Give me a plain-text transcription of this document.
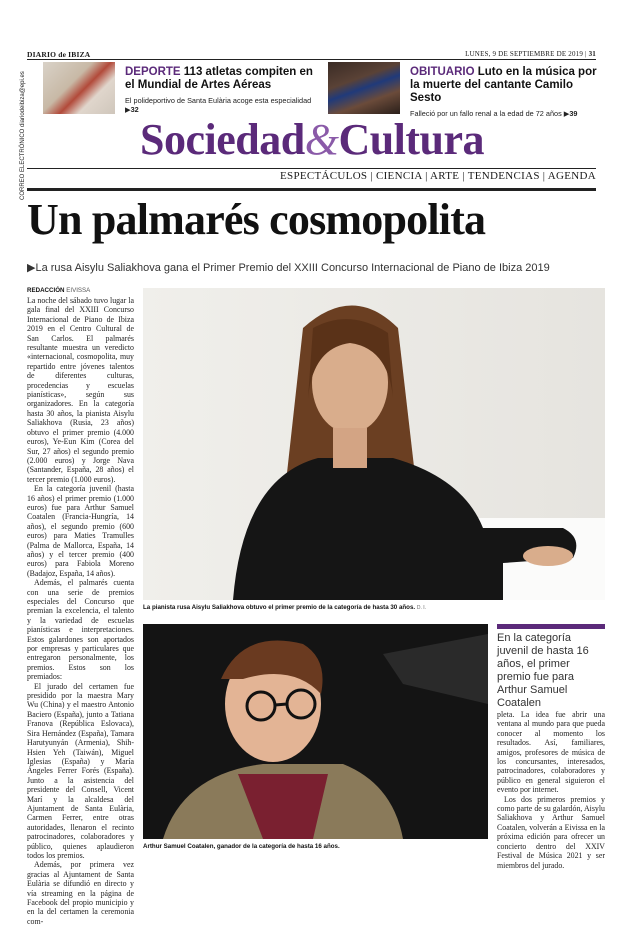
DIARIO de IBIZA	LUNES, 9 DE SEPTIEMBRE DE 2019 | 31
DEPORTE 113 atletas compiten en el Mundial de Artes Aéreas
El polideportivo de Santa Eulària acoge esta especialidad ▶32
OBITUARIO Luto en la música por la muerte del cantante Camilo Sesto
Falleció por un fallo renal a la edad de 72 años ▶39
CORREO ELECTRÓNICO diariodeibiza@epi.es	Sociedad&Cultura
ESPECTÁCULOS | CIENCIA | ARTE | TENDENCIAS | AGENDA
Un palmarés cosmopolita
▶La rusa Aisylu Saliakhova gana el Primer Premio del XXIII Concurso Internacional de Piano de Ibiza 2019
REDACCIÓN EIVISSA

La noche del sábado tuvo lugar la gala final del XXIII Concurso Internacional de Piano de Ibiza 2019 en el Centro Cultural de San Carlos. El palmarés resultante muestra un veredicto «internacional, cosmopolita, muy repartido entre jóvenes talentos de diferentes culturas, procedencias y escuelas pianísticas», según sus organizadores. En la categoría hasta 30 años, la pianista Aisylu Saliakhova (Rusia, 23 años) obtuvo el primer premio (4.000 euros), Ye-Eun Kim (Corea del Sur, 27 años) el segundo premio (2.000 euros) y Jorge Nava (Santander, España, 28 años) el tercer premio (1.000 euros).

En la categoría juvenil (hasta 16 años) el primer premio (1.000 euros) fue para Arthur Samuel Coatalen (Francia-Hungría, 14 años), el segundo premio (600 euros) para Maties Tramulles (Palma de Mallorca, España, 14 años) y el tercer premio (400 euros) para Fabiola Moreno (Badajoz, España, 14 años).

Además, el palmarés cuenta con una serie de premios especiales del Concurso que premian la excelencia, el talento y la variedad de escuelas pianísticas e interpretaciones. Estos galardones son aportados por empresas y particulares que entregaron personalmente, los premios. Estos son los premiados:

El jurado del certamen fue presidido por la maestra Mary Wu (China) y el maestro Antonio Baciero (España), junto a Tatiana Franova (República Eslovaca), Sira Hernández (España), Tamara Harutyunyán (Armenia), Shih-Hsien Yeh (Taiwán), Miguel Iglesias (España) y María Ángeles Ferrer Forés (España). Junto a la asistencia del presidente del Consell, Vicent Marí y la alcaldesa del Ajuntament de Santa Eulària, Carmen Ferrer, entre otras autoridades, llenaron el recinto patrocinadores, colaboradores y público, quienes aplaudieron todos los premios.

Además, por primera vez gracias al Ajuntament de Santa Eulària se difundió en directo y vía streaming en la página de Facebook del propio municipio y en la del certamen la ceremonia com-

La pianista rusa Aisylu Saliakhova obtuvo el primer premio de la categoría de hasta 30 años. D. I.
Arthur Samuel Coatalen, ganador de la categoría de hasta 16 años.
En la categoría juvenil de hasta 16 años, el primer premio fue para Arthur Samuel Coatalen

pleta. La idea fue abrir una ventana al mundo para que pueda conocer al momento los resultados. Así, familiares, amigos, profesores de música de los concursantes, interesados, patrocinadores, colaboradores y público en general siguieron el evento por internet.

Los dos primeros premios y como parte de su galardón, Aisylu Saliakhova y Arthur Samuel Coatalen, volverán a Eivissa en la próxima edición para ofrecer un concierto dentro del XXIV Festival de Música 2021 y ser miembros del jurado.
